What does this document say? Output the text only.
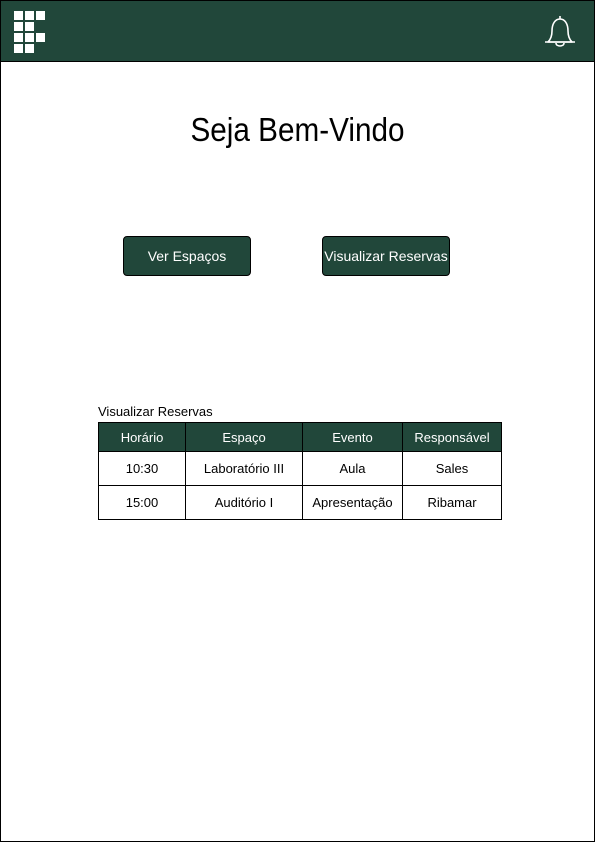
Seja Bem-Vindo
Ver Espaços	Visualizar Reservas
Visualizar Reservas
Horário	Espaço	Evento	Responsável
10:30	Laboratório III	Aula	Sales
15:00	Auditório I	Apresentação	Ribamar
